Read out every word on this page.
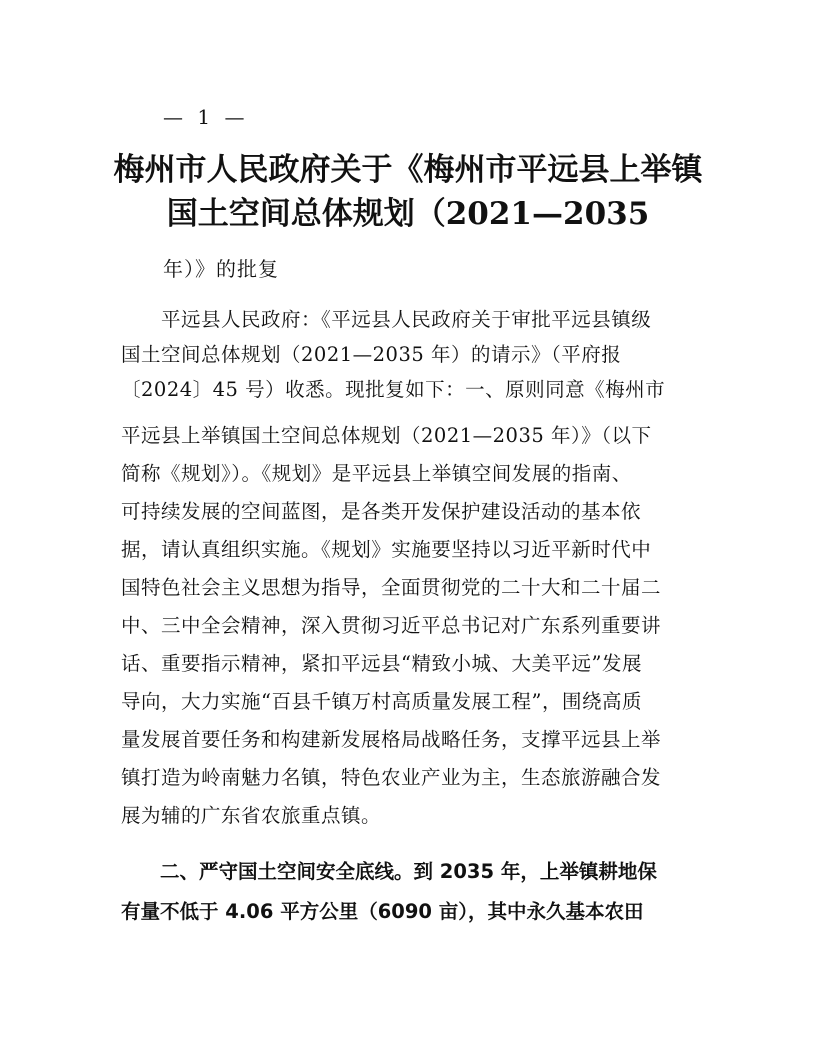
— 1 —
梅州市人民政府关于《梅州市平远县上举镇
国土空间总体规划（2021—2035
年）》的批复
　　平远县人民政府：《平远县人民政府关于审批平远县镇级
国土空间总体规划（2021—2035 年）的请示》（平府报
〔2024〕45 号）收悉。现批复如下：一、原则同意《梅州市
平远县上举镇国土空间总体规划（2021—2035 年）》（以下
简称《规划》）。《规划》是平远县上举镇空间发展的指南、
可持续发展的空间蓝图，是各类开发保护建设活动的基本依
据，请认真组织实施。《规划》实施要坚持以习近平新时代中
国特色社会主义思想为指导，全面贯彻党的二十大和二十届二
中、三中全会精神，深入贯彻习近平总书记对广东系列重要讲
话、重要指示精神，紧扣平远县“精致小城、大美平远”发展
导向，大力实施“百县千镇万村高质量发展工程”，围绕高质
量发展首要任务和构建新发展格局战略任务，支撑平远县上举
镇打造为岭南魅力名镇，特色农业产业为主，生态旅游融合发
展为辅的广东省农旅重点镇。
　　二、严守国土空间安全底线。到 2035 年，上举镇耕地保
有量不低于 4.06 平方公里（6090 亩），其中永久基本农田
